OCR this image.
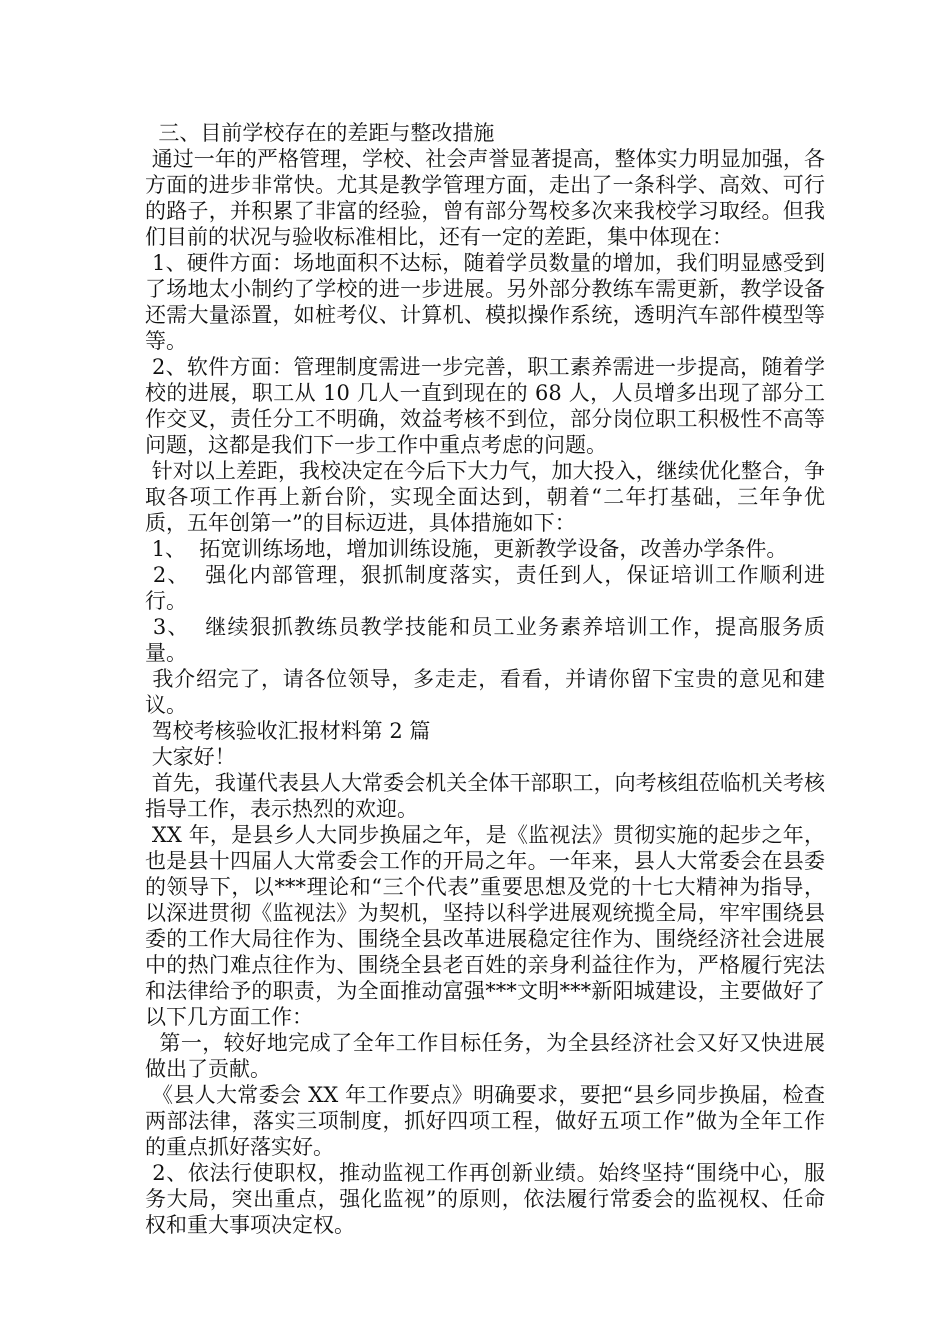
三、目前学校存在的差距与整改措施

通过一年的严格管理，学校、社会声誉显著提高，整体实力明显加强，各方面的进步非常快。尤其是教学管理方面，走出了一条科学、高效、可行的路子，并积累了非富的经验，曾有部分驾校多次来我校学习取经。但我们目前的状况与验收标准相比，还有一定的差距，集中体现在：

1、硬件方面：场地面积不达标，随着学员数量的增加，我们明显感受到了场地太小制约了学校的进一步进展。另外部分教练车需更新，教学设备还需大量添置，如桩考仪、计算机、模拟操作系统，透明汽车部件模型等等。

2、软件方面：管理制度需进一步完善，职工素养需进一步提高，随着学校的进展，职工从 10 几人一直到现在的 68 人，人员增多出现了部分工作交叉，责任分工不明确，效益考核不到位，部分岗位职工积极性不高等问题，这都是我们下一步工作中重点考虑的问题。

针对以上差距，我校决定在今后下大力气，加大投入，继续优化整合，争取各项工作再上新台阶，实现全面达到，朝着“二年打基础，三年争优质，五年创第一”的目标迈进，具体措施如下：

1、  拓宽训练场地，增加训练设施，更新教学设备，改善办学条件。

2、  强化内部管理，狠抓制度落实，责任到人，保证培训工作顺利进行。

3、  继续狠抓教练员教学技能和员工业务素养培训工作，提高服务质量。

我介绍完了，请各位领导，多走走，看看，并请你留下宝贵的意见和建议。

驾校考核验收汇报材料第 2 篇

大家好！

首先，我谨代表县人大常委会机关全体干部职工，向考核组莅临机关考核指导工作，表示热烈的欢迎。

XX 年，是县乡人大同步换届之年，是《监视法》贯彻实施的起步之年，也是县十四届人大常委会工作的开局之年。一年来，县人大常委会在县委的领导下，以***理论和“三个代表”重要思想及党的十七大精神为指导，以深进贯彻《监视法》为契机，坚持以科学进展观统揽全局，牢牢围绕县委的工作大局往作为、围绕全县改革进展稳定往作为、围绕经济社会进展中的热门难点往作为、围绕全县老百姓的亲身利益往作为，严格履行宪法和法律给予的职责，为全面推动富强***文明***新阳城建设，主要做好了以下几方面工作：

第一，较好地完成了全年工作目标任务，为全县经济社会又好又快进展做出了贡献。

《县人大常委会 XX 年工作要点》明确要求，要把“县乡同步换届，检查两部法律，落实三项制度，抓好四项工程，做好五项工作”做为全年工作的重点抓好落实好。

2、依法行使职权，推动监视工作再创新业绩。始终坚持“围绕中心，服务大局，突出重点，强化监视”的原则，依法履行常委会的监视权、任命权和重大事项决定权。
